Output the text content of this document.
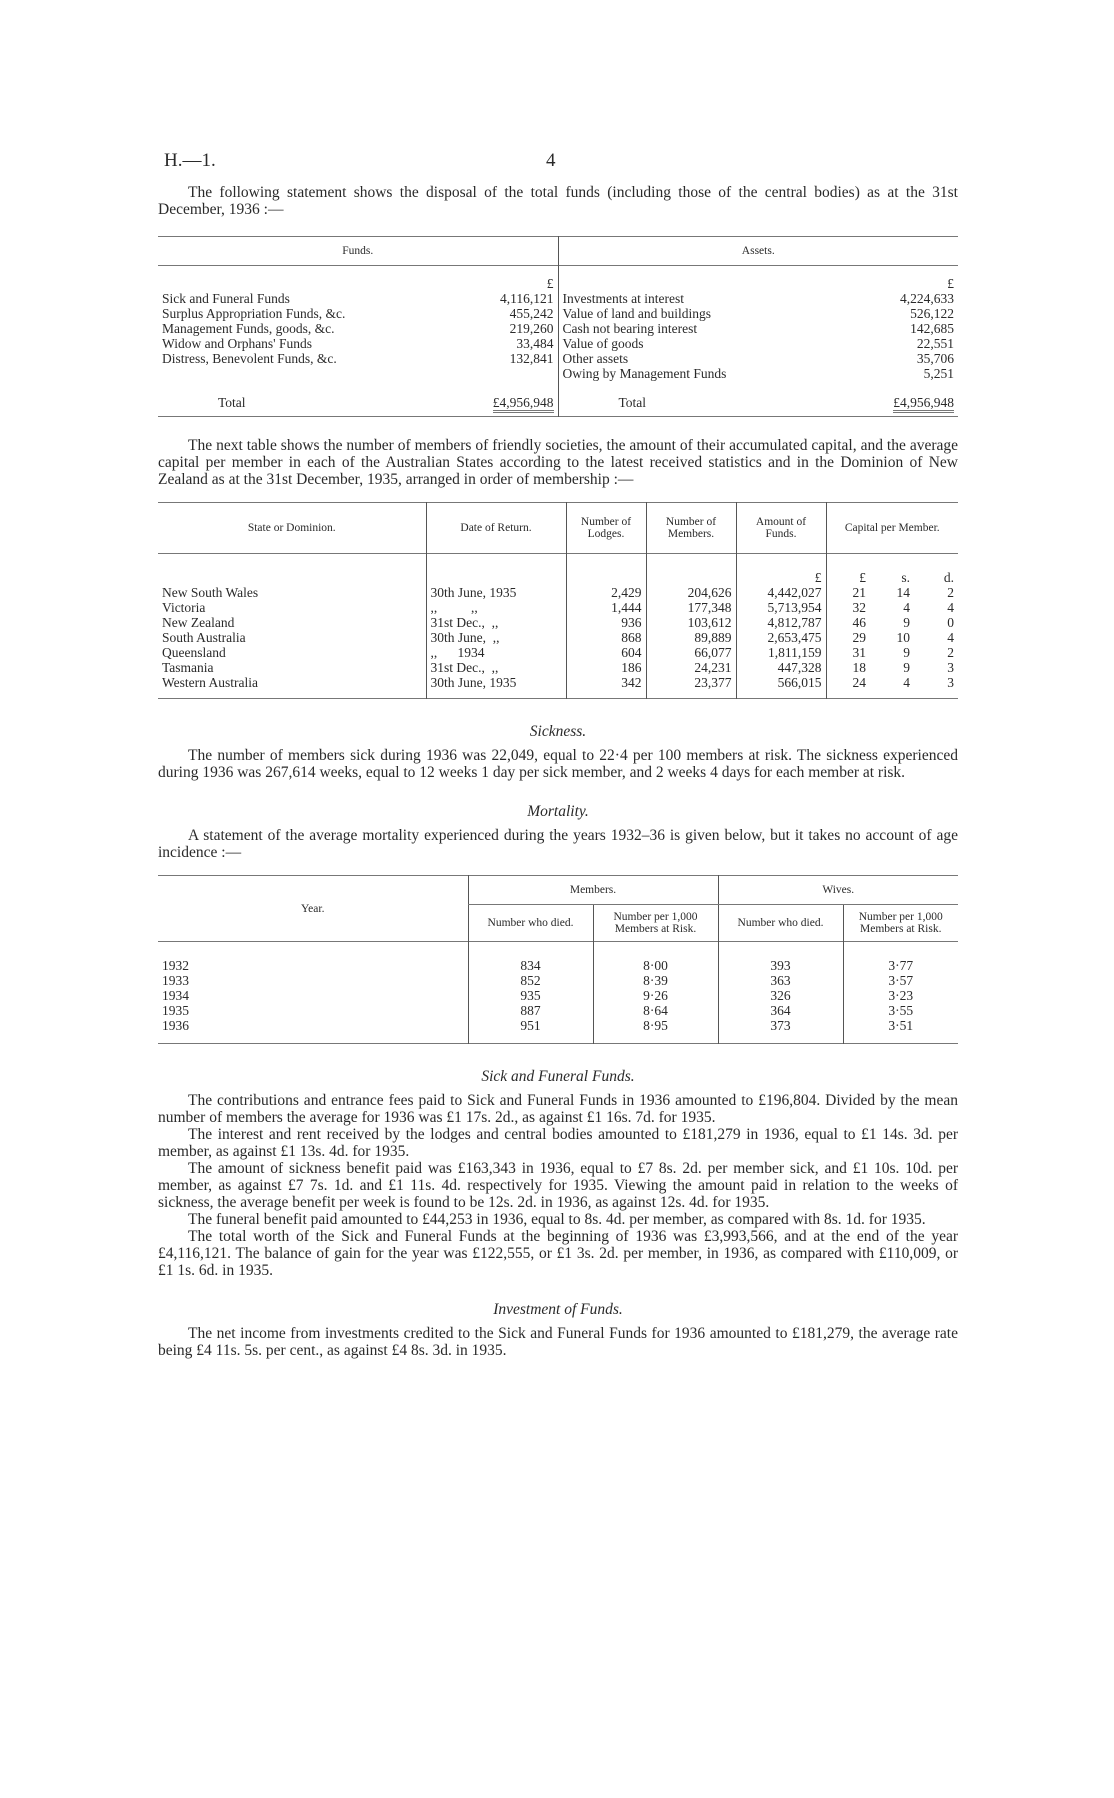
H.—1.	4

The following statement shows the disposal of the total funds (including those of the central bodies) as at the 31st December, 1936 :—

Funds.		Assets.	
	£		£
Sick and Funeral Funds	4,116,121	Investments at interest	4,224,633
Surplus Appropriation Funds, &c.	455,242	Value of land and buildings	526,122
Management Funds, goods, &c.	219,260	Cash not bearing interest	142,685
Widow and Orphans' Funds	33,484	Value of goods	22,551
Distress, Benevolent Funds, &c.	132,841	Other assets	35,706
		Owing by Management Funds	5,251
Total	£4,956,948	Total	£4,956,948

The next table shows the number of members of friendly societies, the amount of their accumulated capital, and the average capital per member in each of the Australian States according to the latest received statistics and in the Dominion of New Zealand as at the 31st December, 1935, arranged in order of membership :—

State or Dominion.	Date of Return.	Number of Lodges.	Number of Members.	Amount of Funds.	Capital per Member.		
				£	£	s.	d.
New South Wales	30th June, 1935	2,429	204,626	4,442,027	21	14	2
Victoria	,,          ,,	1,444	177,348	5,713,954	32	4	4
New Zealand	31st Dec.,  ,,	936	103,612	4,812,787	46	9	0
South Australia	30th June,  ,,	868	89,889	2,653,475	29	10	4
Queensland	,,      1934	604	66,077	1,811,159	31	9	2
Tasmania	31st Dec.,  ,,	186	24,231	447,328	18	9	3
Western Australia	30th June, 1935	342	23,377	566,015	24	4	3
Sickness.

The number of members sick during 1936 was 22,049, equal to 22·4 per 100 members at risk. The sickness experienced during 1936 was 267,614 weeks, equal to 12 weeks 1 day per sick member, and 2 weeks 4 days for each member at risk.

Mortality.

A statement of the average mortality experienced during the years 1932–36 is given below, but it takes no account of age incidence :—

Year.	Members.		Wives.	
	Number who died.	Number per 1,000 Members at Risk.	Number who died.	Number per 1,000 Members at Risk.

1932	834	8·00	393	3·77
1933	852	8·39	363	3·57
1934	935	9·26	326	3·23
1935	887	8·64	364	3·55
1936	951	8·95	373	3·51
Sick and Funeral Funds.

The contributions and entrance fees paid to Sick and Funeral Funds in 1936 amounted to £196,804. Divided by the mean number of members the average for 1936 was £1 17s. 2d., as against £1 16s. 7d. for 1935.

The interest and rent received by the lodges and central bodies amounted to £181,279 in 1936, equal to £1 14s. 3d. per member, as against £1 13s. 4d. for 1935.

The amount of sickness benefit paid was £163,343 in 1936, equal to £7 8s. 2d. per member sick, and £1 10s. 10d. per member, as against £7 7s. 1d. and £1 11s. 4d. respectively for 1935. Viewing the amount paid in relation to the weeks of sickness, the average benefit per week is found to be 12s. 2d. in 1936, as against 12s. 4d. for 1935.

The funeral benefit paid amounted to £44,253 in 1936, equal to 8s. 4d. per member, as compared with 8s. 1d. for 1935.

The total worth of the Sick and Funeral Funds at the beginning of 1936 was £3,993,566, and at the end of the year £4,116,121. The balance of gain for the year was £122,555, or £1 3s. 2d. per member, in 1936, as compared with £110,009, or £1 1s. 6d. in 1935.

Investment of Funds.

The net income from investments credited to the Sick and Funeral Funds for 1936 amounted to £181,279, the average rate being £4 11s. 5s. per cent., as against £4 8s. 3d. in 1935.
